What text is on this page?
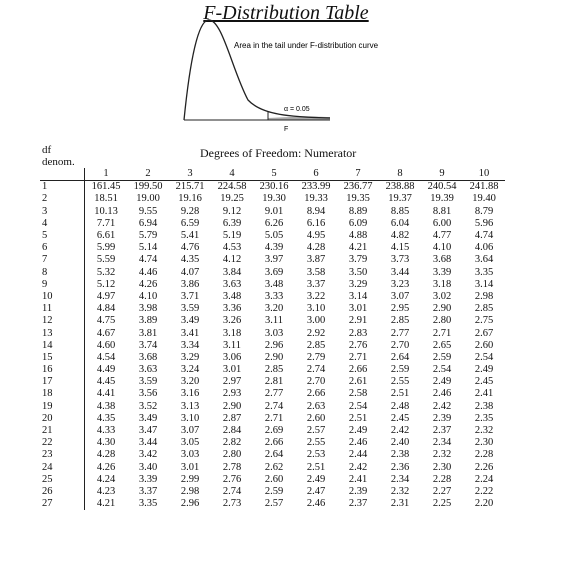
F-Distribution Table
Area in the tail under F-distribution curve
α = 0.05
F
df
denom.
Degrees of Freedom: Numerator
	1	2	3	4	5	6	7	8	9	10
1	161.45	199.50	215.71	224.58	230.16	233.99	236.77	238.88	240.54	241.88
2	18.51	19.00	19.16	19.25	19.30	19.33	19.35	19.37	19.39	19.40
3	10.13	9.55	9.28	9.12	9.01	8.94	8.89	8.85	8.81	8.79
4	7.71	6.94	6.59	6.39	6.26	6.16	6.09	6.04	6.00	5.96
5	6.61	5.79	5.41	5.19	5.05	4.95	4.88	4.82	4.77	4.74
6	5.99	5.14	4.76	4.53	4.39	4.28	4.21	4.15	4.10	4.06
7	5.59	4.74	4.35	4.12	3.97	3.87	3.79	3.73	3.68	3.64
8	5.32	4.46	4.07	3.84	3.69	3.58	3.50	3.44	3.39	3.35
9	5.12	4.26	3.86	3.63	3.48	3.37	3.29	3.23	3.18	3.14
10	4.97	4.10	3.71	3.48	3.33	3.22	3.14	3.07	3.02	2.98
11	4.84	3.98	3.59	3.36	3.20	3.10	3.01	2.95	2.90	2.85
12	4.75	3.89	3.49	3.26	3.11	3.00	2.91	2.85	2.80	2.75
13	4.67	3.81	3.41	3.18	3.03	2.92	2.83	2.77	2.71	2.67
14	4.60	3.74	3.34	3.11	2.96	2.85	2.76	2.70	2.65	2.60
15	4.54	3.68	3.29	3.06	2.90	2.79	2.71	2.64	2.59	2.54
16	4.49	3.63	3.24	3.01	2.85	2.74	2.66	2.59	2.54	2.49
17	4.45	3.59	3.20	2.97	2.81	2.70	2.61	2.55	2.49	2.45
18	4.41	3.56	3.16	2.93	2.77	2.66	2.58	2.51	2.46	2.41
19	4.38	3.52	3.13	2.90	2.74	2.63	2.54	2.48	2.42	2.38
20	4.35	3.49	3.10	2.87	2.71	2.60	2.51	2.45	2.39	2.35
21	4.33	3.47	3.07	2.84	2.69	2.57	2.49	2.42	2.37	2.32
22	4.30	3.44	3.05	2.82	2.66	2.55	2.46	2.40	2.34	2.30
23	4.28	3.42	3.03	2.80	2.64	2.53	2.44	2.38	2.32	2.28
24	4.26	3.40	3.01	2.78	2.62	2.51	2.42	2.36	2.30	2.26
25	4.24	3.39	2.99	2.76	2.60	2.49	2.41	2.34	2.28	2.24
26	4.23	3.37	2.98	2.74	2.59	2.47	2.39	2.32	2.27	2.22
27	4.21	3.35	2.96	2.73	2.57	2.46	2.37	2.31	2.25	2.20
